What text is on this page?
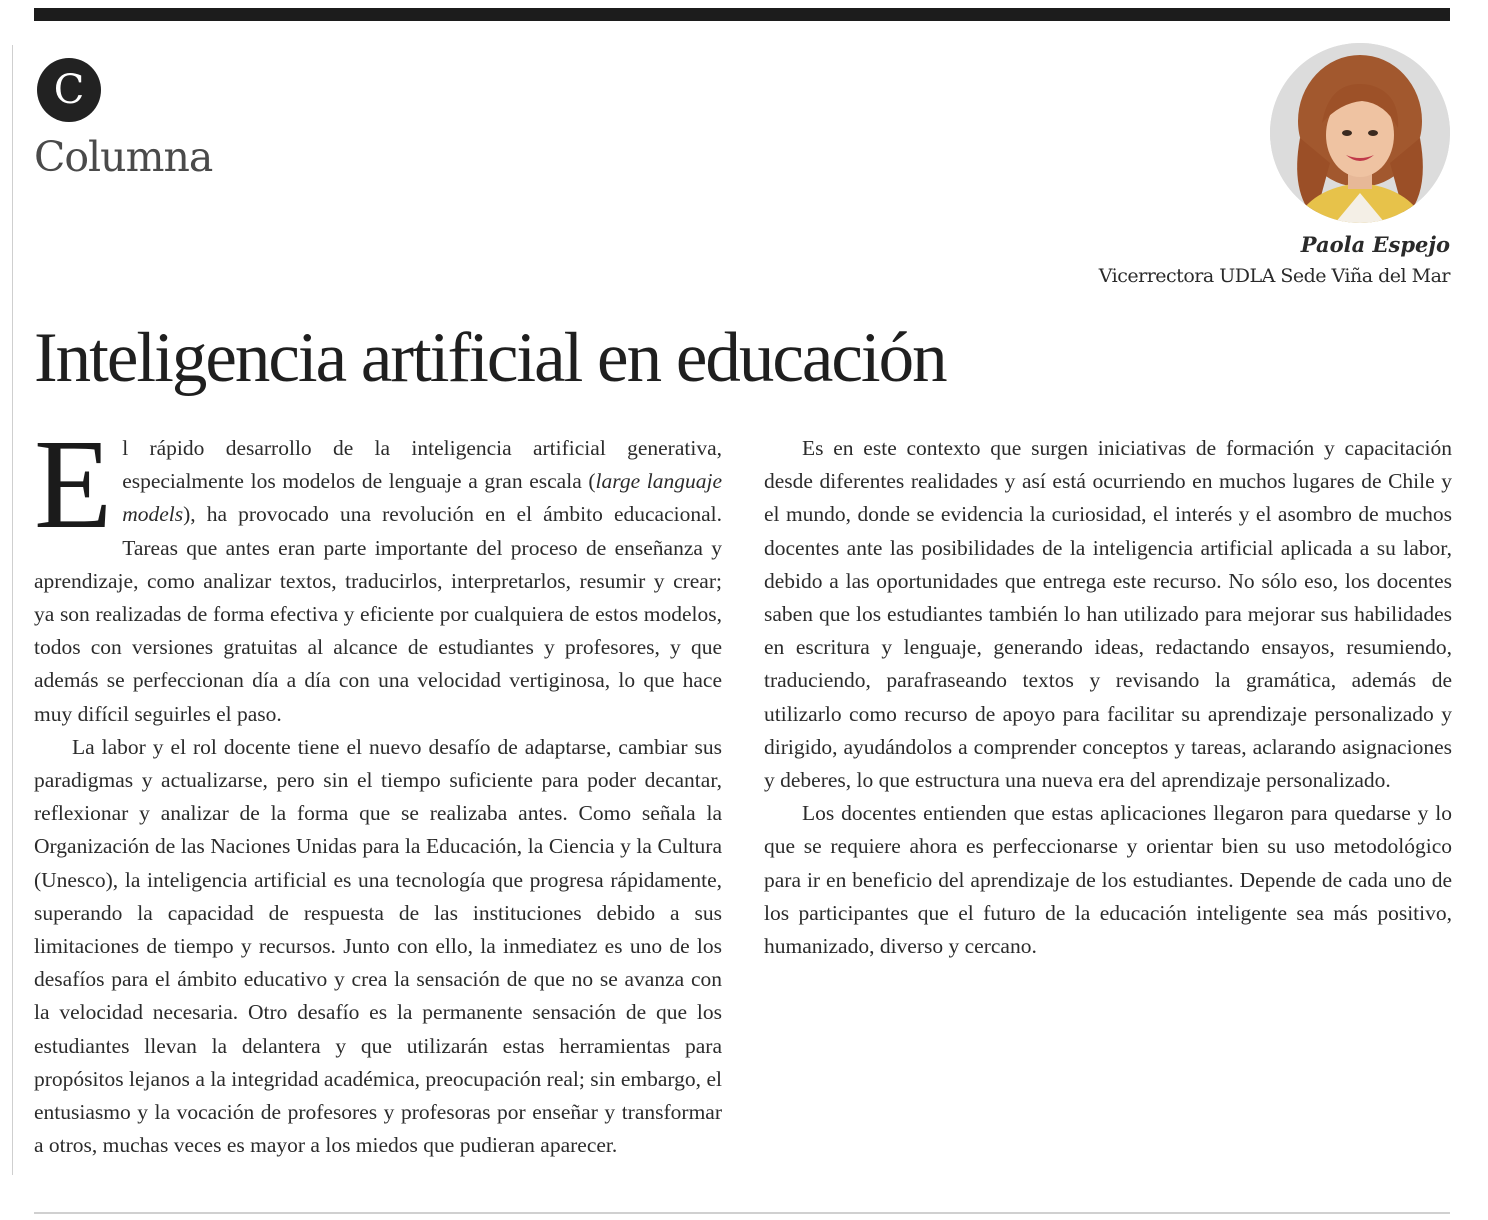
C
Columna
Paola Espejo
Vicerrectora UDLA Sede Viña del Mar
Inteligencia artificial en educación

El rápido desarrollo de la inteligencia artificial generativa, especialmente los modelos de lenguaje a gran escala (large languaje models), ha provocado una revolución en el ámbito educacional. Tareas que antes eran parte importante del proceso de enseñanza y aprendizaje, como analizar textos, traducirlos, interpretarlos, resumir y crear; ya son realizadas de forma efectiva y eficiente por cualquiera de estos modelos, todos con versiones gratuitas al alcance de estudiantes y profesores, y que además se perfeccionan día a día con una velocidad vertiginosa, lo que hace muy difícil seguirles el paso.

La labor y el rol docente tiene el nuevo desafío de adaptarse, cambiar sus paradigmas y actualizarse, pero sin el tiempo suficiente para poder decantar, reflexionar y analizar de la forma que se realizaba antes. Como señala la Organización de las Naciones Unidas para la Educación, la Ciencia y la Cultura (Unesco), la inteligencia artificial es una tecnología que progresa rápidamente, superando la capacidad de respuesta de las instituciones debido a sus limitaciones de tiempo y recursos. Junto con ello, la inmediatez es uno de los desafíos para el ámbito educativo y crea la sensación de que no se avanza con la velocidad necesaria. Otro desafío es la permanente sensación de que los estudiantes llevan la delantera y que utilizarán estas herramientas para propósitos lejanos a la integridad académica, preocupación real; sin embargo, el entusiasmo y la vocación de profesores y profesoras por enseñar y transformar a otros, muchas veces es mayor a los miedos que pudieran aparecer.

Es en este contexto que surgen iniciativas de formación y capacitación desde diferentes realidades y así está ocurriendo en muchos lugares de Chile y el mundo, donde se evidencia la curiosidad, el interés y el asombro de muchos docentes ante las posibilidades de la inteligencia artificial aplicada a su labor, debido a las oportunidades que entrega este recurso. No sólo eso, los docentes saben que los estudiantes también lo han utilizado para mejorar sus habilidades en escritura y lenguaje, generando ideas, redactando ensayos, resumiendo, traduciendo, parafraseando textos y revisando la gramática, además de utilizarlo como recurso de apoyo para facilitar su aprendizaje personalizado y dirigido, ayudándolos a comprender conceptos y tareas, aclarando asignaciones y deberes, lo que estructura una nueva era del aprendizaje personalizado.

Los docentes entienden que estas aplicaciones llegaron para quedarse y lo que se requiere ahora es perfeccionarse y orientar bien su uso metodológico para ir en beneficio del aprendizaje de los estudiantes. Depende de cada uno de los participantes que el futuro de la educación inteligente sea más positivo, humanizado, diverso y cercano.
